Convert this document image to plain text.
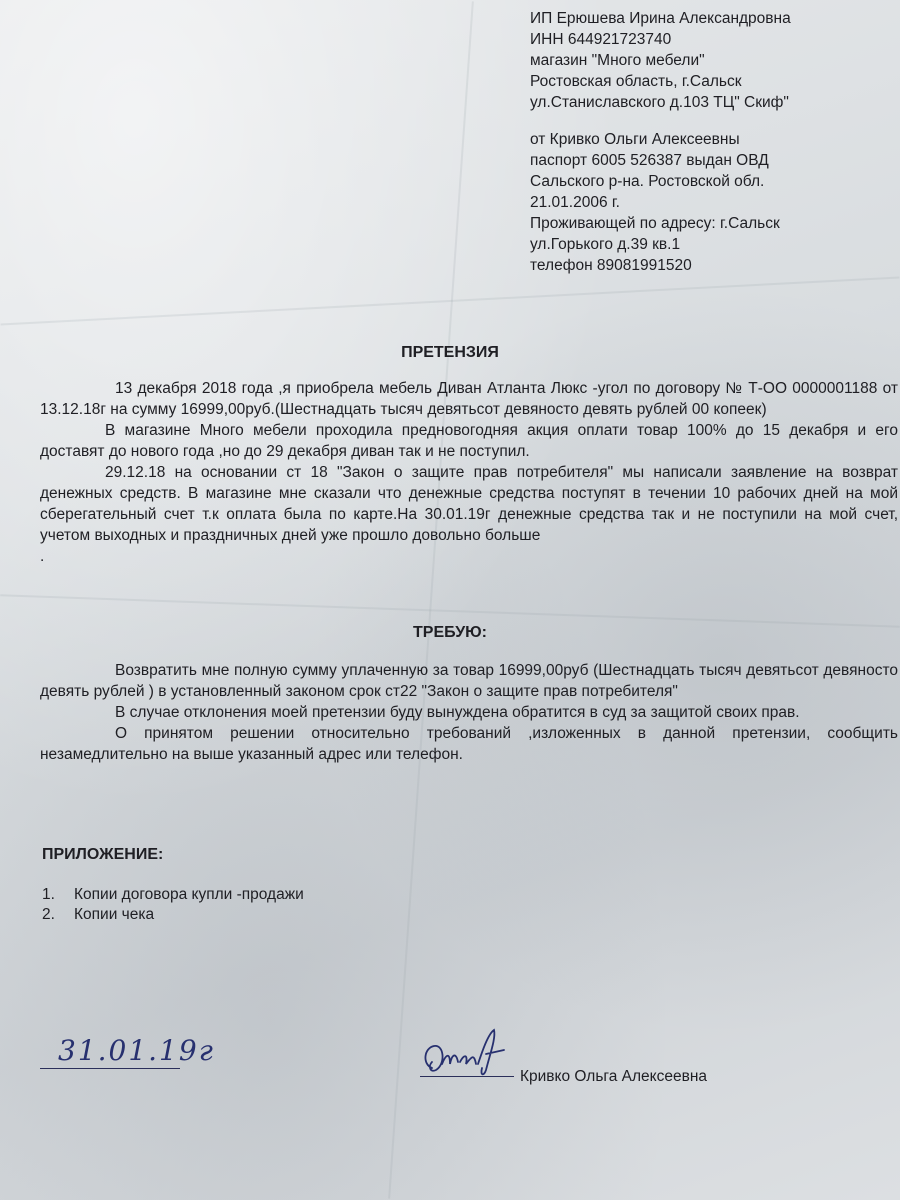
ИП Ерюшева Ирина Александровна
ИНН 644921723740
магазин "Много мебели"
Ростовская область, г.Сальск
ул.Станиславского д.103 ТЦ" Скиф"
от Кривко Ольги Алексеевны
паспорт 6005 526387 выдан ОВД
Сальского р-на. Ростовской обл.
21.01.2006 г.
Проживающей по адресу: г.Сальск
ул.Горького д.39 кв.1
телефон 89081991520
ПРЕТЕНЗИЯ

13 декабря 2018 года ,я приобрела мебель Диван Атланта Люкс -угол по договору № Т-ОО 0000001188 от 13.12.18г на сумму 16999,00руб.(Шестнадцать тысяч девятьсот девяносто девять рублей 00 копеек)

В магазине Много мебели проходила предновогодняя акция оплати товар 100% до 15 декабря и его доставят до нового года ,но до 29 декабря диван так и не поступил.

29.12.18 на основании ст 18 "Закон о защите прав потребителя" мы написали заявление на возврат денежных средств. В магазине мне сказали что денежные средства поступят в течении 10 рабочих дней на мой сберегательный счет т.к оплата была по карте.На 30.01.19г денежные средства так и не поступили на мой счет, учетом выходных и праздничных дней уже прошло довольно больше

.

ТРЕБУЮ:

Возвратить мне полную сумму уплаченную за товар 16999,00руб (Шестнадцать тысяч девятьсот девяносто девять рублей ) в установленный законом срок ст22 "Закон о защите прав потребителя"

В случае отклонения моей претензии буду вынуждена обратится в суд за защитой своих прав.

О принятом решении относительно требований ,изложенных в данной претензии, сообщить незамедлительно на выше указанный адрес или телефон.

ПРИЛОЖЕНИЕ:
1.	Копии договора купли -продажи
2.	Копии чека
31.01.19г
Кривко Ольга Алексеевна
